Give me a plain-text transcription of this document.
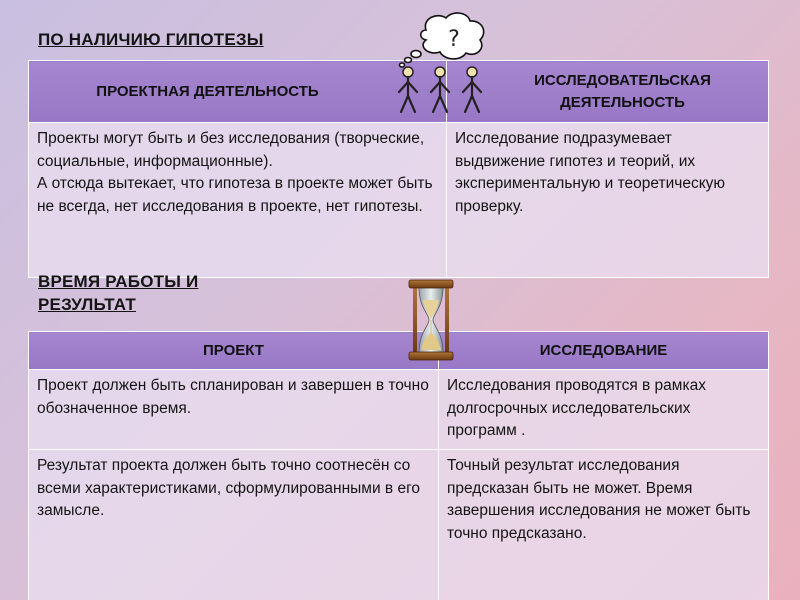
ПО НАЛИЧИЮ ГИПОТЕЗЫ
ПРОЕКТНАЯ ДЕЯТЕЛЬНОСТЬ	ИССЛЕДОВАТЕЛЬСКАЯ ДЕЯТЕЛЬНОСТЬ

Проекты могут быть и без исследования (творческие, социальные, информационные).
А отсюда вытекает, что гипотеза в проекте может быть не всегда, нет исследования в проекте, нет гипотезы.	Исследование подразумевает выдвижение гипотез и теорий, их экспериментальную и теоретическую проверку.
?
ВРЕМЯ РАБОТЫ И РЕЗУЛЬТАТ
ПРОЕКТ	ИССЛЕДОВАНИЕ
Проект должен быть спланирован и завершен в точно обозначенное время.	Исследования проводятся в рамках долгосрочных исследовательских программ .
Результат проекта должен быть точно соотнесён со всеми характеристиками, сформулированными в его замысле.	Точный результат исследования предсказан быть не может. Время завершения исследования не может быть точно предсказано.
